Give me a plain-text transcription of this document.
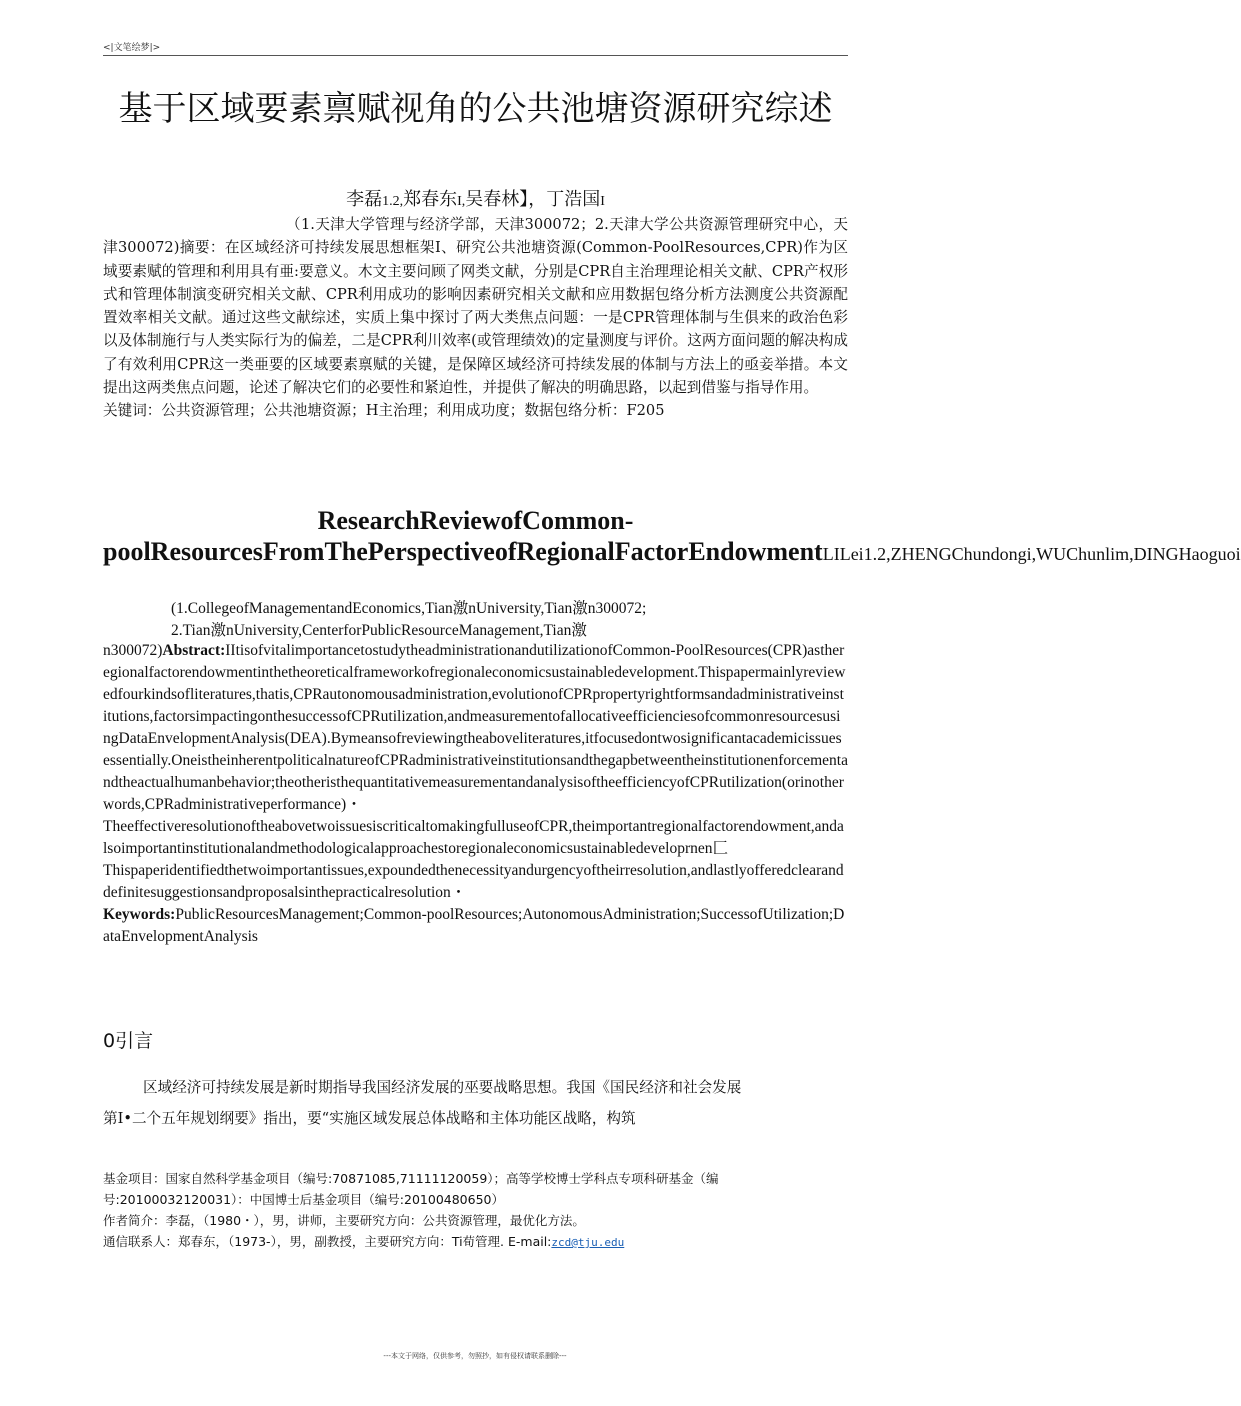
<|文笔绘梦|>
基于区域要素禀赋视角的公共池塘资源研究综述
李磊1.2,郑春东I,吴春林】，丁浩国I
（1.天津大学管理与经济学部，天津300072；2.天津大学公共资源管理研究中心，天津300072)摘要：在区域经济可持续发展思想框架I、研究公共池塘资源(Common-PoolResources,CPR)作为区域要素赋的管理和利用具有亜:要意义。木文主要问顾了网类文献，分别是CPR自主治理理论相关文献、CPR产权形式和管理体制演变研究相关文献、CPR利用成功的影响因素研究相关文献和应用数据包络分析方法测度公共资源配置效率相关文献。通过这些文献综述，实质上集中探讨了两大类焦点问题：一是CPR管理体制与生俱来的政治色彩以及体制施行与人类实际行为的偏差，二是CPR利川效率(或管理绩效)的定量测度与评价。这两方面问题的解决构成了有效利用CPR这一类亜要的区域要素禀赋的关键，是保障区域经济可持续发展的体制与方法上的亟妾举措。本文提出这两类焦点问题，论述了解决它们的必要性和紧迫性，并提供了解决的明确思路，以起到借鉴与指导作用。
关键词：公共资源管理；公共池塘资源；H主治理；利用成功度；数据包络分析：F205
ResearchReviewofCommon-poolResourcesFromThePerspectiveofRegionalFactorEndowmentLILei1.2,ZHENGChundongi,WUChunlim,DINGHaoguoi
(1.CollegeofManagementandEconomics,Tian激nUniversity,Tian激n300072;
2.Tian激nUniversity,CenterforPublicResourceManagement,Tian激
n300072)Abstract:IItisofvitalimportancetostudytheadministrationandutilizationofCommon-PoolResources(CPR)astheregionalfactorendowmentinthetheoreticalframeworkofregionaleconomicsustainabledevelopment.Thispapermainlyreviewedfourkindsofliteratures,thatis,CPRautonomousadministration,evolutionofCPRpropertyrightformsandadministrativeinstitutions,factorsimpactingonthesuccessofCPRutilization,andmeasurementofallocativeefficienciesofcommonresourcesusingDataEnvelopmentAnalysis(DEA).Bymeansofreviewingtheaboveliteratures,itfocusedontwosignificantacademicissuesessentially.OneistheinherentpoliticalnatureofCPRadministrativeinstitutionsandthegapbetweentheinstitutionenforcementandtheactualhumanbehavior;theotheristhequantitativemeasurementandanalysisoftheefficiencyofCPRutilization(orinotherwords,CPRadministrativeperformance)・
TheeffectiveresolutionoftheabovetwoissuesiscriticaltomakingfulluseofCPR,theimportantregionalfactorendowment,andalsoimportantinstitutionalandmethodologicalapproachestoregionaleconomicsustainabledeveloprnen匚
Thispaperidentifiedthetwoimportantissues,expoundedthenecessityandurgencyoftheirresolution,andlastlyofferedclearanddefinitesuggestionsandproposalsinthepracticalresolution・
Keywords:PublicResourcesManagement;Common-poolResources;AutonomousAdministration;SuccessofUtilization;DataEnvelopmentAnalysis
0引言
区域经济可持续发展是新时期指导我国经济发展的巫要战略思想。我国《国民经济和社会发展
第I•二个五年规划纲要》指出，要“实施区域发展总体战略和主体功能区战略，构筑
基金项目：国家自然科学基金项目（编号:70871085,71111120059）；高等学校博士学科点专项科研基金（编号:20100032120031）：中国博士后基金项目（编号:20100480650）
作者简介：李磊，（1980・），男，讲师，主要研究方向：公共资源管理，最优化方法。
通信联系人：郑春东，（1973-），男，副教授，主要研究方向：Ti荀管理. E-mail:zcd@tju.edu
---本文于网络，仅供参考，勿照抄，如有侵权请联系删除---
